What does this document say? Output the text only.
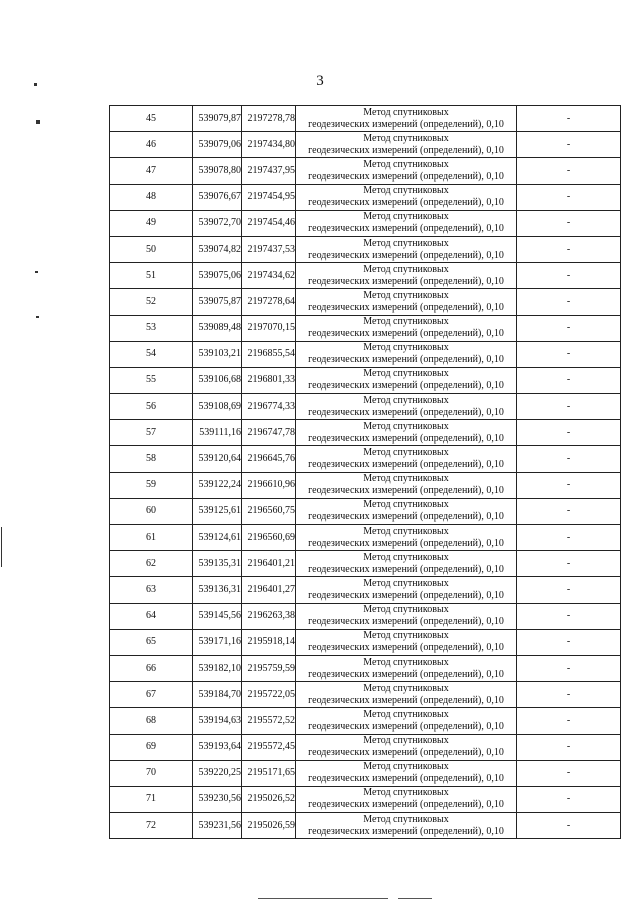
3
45	539079,87	2197278,78	Метод спутниковых
геодезических измерений (определений), 0,10	-
46	539079,06	2197434,80	Метод спутниковых
геодезических измерений (определений), 0,10	-
47	539078,80	2197437,95	Метод спутниковых
геодезических измерений (определений), 0,10	-
48	539076,67	2197454,95	Метод спутниковых
геодезических измерений (определений), 0,10	-
49	539072,70	2197454,46	Метод спутниковых
геодезических измерений (определений), 0,10	-
50	539074,82	2197437,53	Метод спутниковых
геодезических измерений (определений), 0,10	-
51	539075,06	2197434,62	Метод спутниковых
геодезических измерений (определений), 0,10	-
52	539075,87	2197278,64	Метод спутниковых
геодезических измерений (определений), 0,10	-
53	539089,48	2197070,15	Метод спутниковых
геодезических измерений (определений), 0,10	-
54	539103,21	2196855,54	Метод спутниковых
геодезических измерений (определений), 0,10	-
55	539106,68	2196801,33	Метод спутниковых
геодезических измерений (определений), 0,10	-
56	539108,69	2196774,33	Метод спутниковых
геодезических измерений (определений), 0,10	-
57	539111,16	2196747,78	Метод спутниковых
геодезических измерений (определений), 0,10	-
58	539120,64	2196645,76	Метод спутниковых
геодезических измерений (определений), 0,10	-
59	539122,24	2196610,96	Метод спутниковых
геодезических измерений (определений), 0,10	-
60	539125,61	2196560,75	Метод спутниковых
геодезических измерений (определений), 0,10	-
61	539124,61	2196560,69	Метод спутниковых
геодезических измерений (определений), 0,10	-
62	539135,31	2196401,21	Метод спутниковых
геодезических измерений (определений), 0,10	-
63	539136,31	2196401,27	Метод спутниковых
геодезических измерений (определений), 0,10	-
64	539145,56	2196263,38	Метод спутниковых
геодезических измерений (определений), 0,10	-
65	539171,16	2195918,14	Метод спутниковых
геодезических измерений (определений), 0,10	-
66	539182,10	2195759,59	Метод спутниковых
геодезических измерений (определений), 0,10	-
67	539184,70	2195722,05	Метод спутниковых
геодезических измерений (определений), 0,10	-
68	539194,63	2195572,52	Метод спутниковых
геодезических измерений (определений), 0,10	-
69	539193,64	2195572,45	Метод спутниковых
геодезических измерений (определений), 0,10	-
70	539220,25	2195171,65	Метод спутниковых
геодезических измерений (определений), 0,10	-
71	539230,56	2195026,52	Метод спутниковых
геодезических измерений (определений), 0,10	-
72	539231,56	2195026,59	Метод спутниковых
геодезических измерений (определений), 0,10	-
